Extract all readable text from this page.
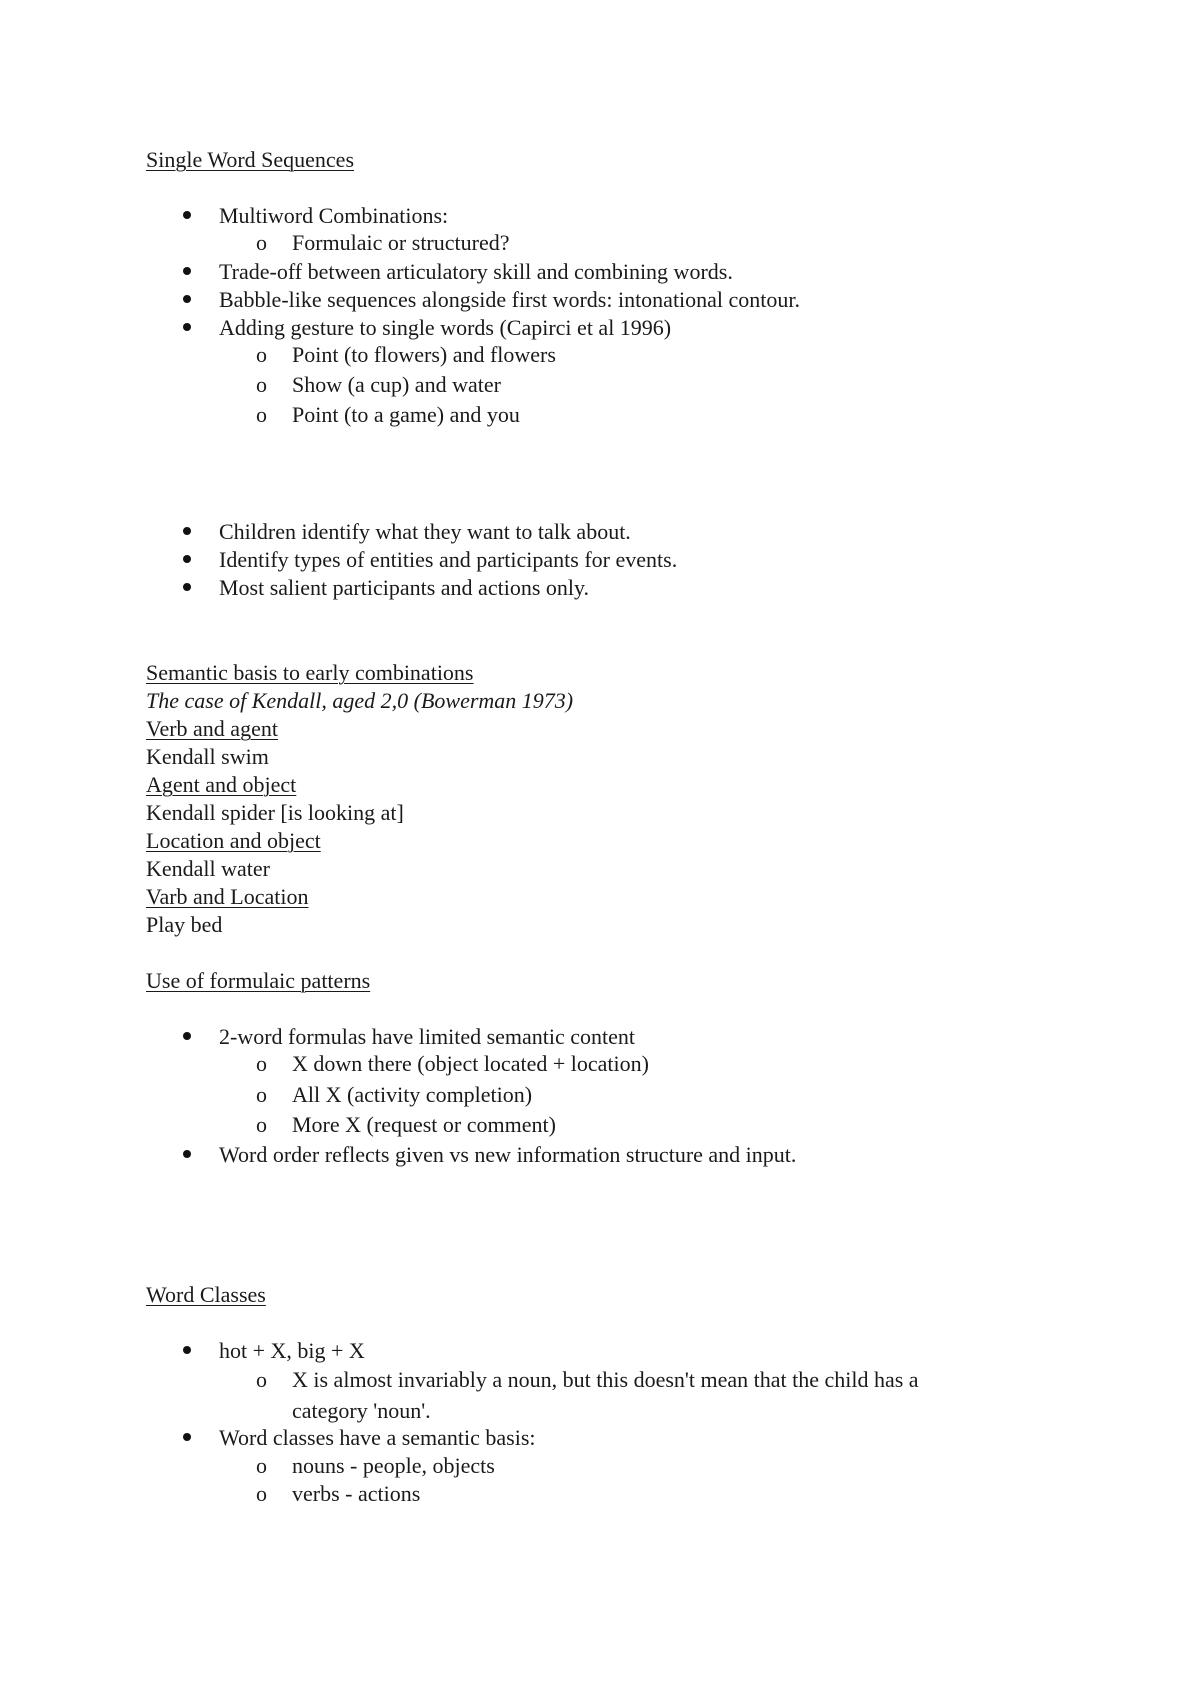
Single Word Sequences
Multiword Combinations:
o Formulaic or structured?
Trade-off between articulatory skill and combining words.
Babble-like sequences alongside first words: intonational contour.
Adding gesture to single words (Capirci et al 1996)
o Point (to flowers) and flowers
o Show (a cup) and water
o Point (to a game) and you
Children identify what they want to talk about.
Identify types of entities and participants for events.
Most salient participants and actions only.
Semantic basis to early combinations
The case of Kendall, aged 2,0 (Bowerman 1973)
Verb and agent
Kendall swim
Agent and object
Kendall spider [is looking at]
Location and object
Kendall water
Varb and Location
Play bed
Use of formulaic patterns
2-word formulas have limited semantic content
o X down there (object located + location)
o All X (activity completion)
o More X (request or comment)
Word order reflects given vs new information structure and input.
Word Classes
hot + X, big + X
o X is almost invariably a noun, but this doesn't mean that the child has a
category 'noun'.
Word classes have a semantic basis:
o nouns - people, objects
o verbs - actions
